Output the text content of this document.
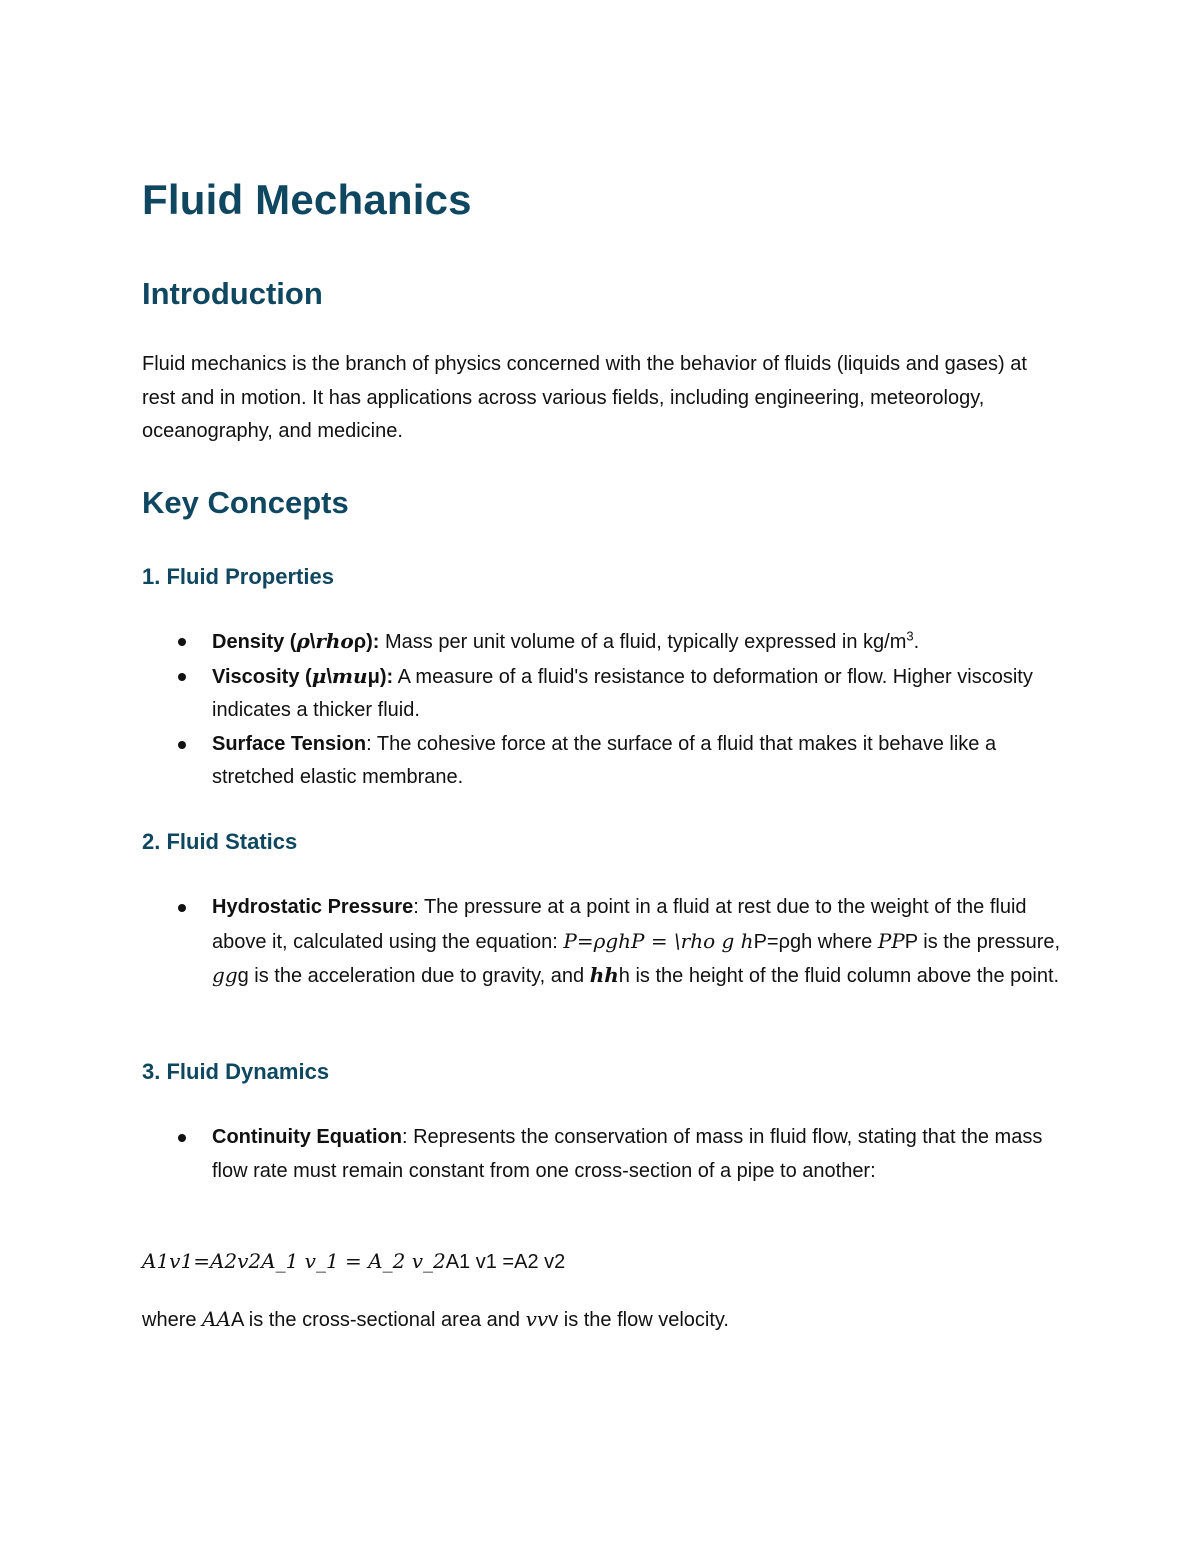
Fluid Mechanics
Introduction

Fluid mechanics is the branch of physics concerned with the behavior of fluids (liquids and gases) at rest and in motion. It has applications across various fields, including engineering, meteorology, oceanography, and medicine.

Key Concepts
1. Fluid Properties
Density (ρ\rhoρ): Mass per unit volume of a fluid, typically expressed in $kg/m^3$.
Viscosity (μ\muμ): A measure of a fluid's resistance to deformation or flow. Higher viscosity indicates a thicker fluid.
Surface Tension: The cohesive force at the surface of a fluid that makes it behave like a stretched elastic membrane.
2. Fluid Statics
Hydrostatic Pressure: The pressure at a point in a fluid at rest due to the weight of the fluid above it, calculated using the equation: P=ρghP = \rho g hP=ρgh where PPP is the pressure, ggg is the acceleration due to gravity, and hhh is the height of the fluid column above the point.
3. Fluid Dynamics
Continuity Equation: Represents the conservation of mass in fluid flow, stating that the mass flow rate must remain constant from one cross-section of a pipe to another:

A1v1=A2v2A_1 v_1 = A_2 v_2A1 v1 =A2 v2

where AAA is the cross-sectional area and vvv is the flow velocity.
